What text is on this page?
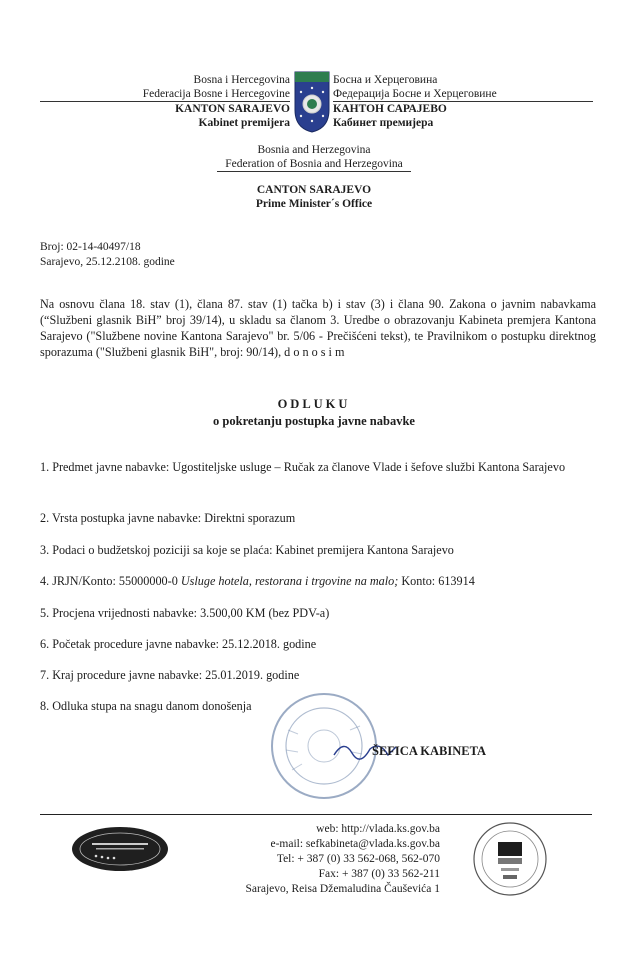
Bosna i Hercegovina
Federacija Bosne i Hercegovine
KANTON SARAJEVO
Kabinet premijera
Босна и Херцеговина
Федерација Босне и Херцеговине
КАНТОН САРАЈЕВО
Кабинет премијера
Bosnia and Herzegovina
Federation of Bosnia and Herzegovina
CANTON SARAJEVO
Prime Minister´s Office
Broj: 02-14-40497/18
Sarajevo, 25.12.2108. godine
Na osnovu člana 18. stav (1), člana 87. stav (1) tačka b) i stav (3) i člana 90. Zakona o javnim nabavkama (“Službeni glasnik BiH” broj 39/14), u skladu sa članom 3. Uredbe o obrazovanju Kabineta premjera Kantona Sarajevo ("Službene novine Kantona Sarajevo" br. 5/06 - Prečišćeni tekst), te Pravilnikom o postupku direktnog sporazuma ("Službeni glasnik BiH", broj: 90/14), d o n o s i m
ODLUKU
o pokretanju postupka javne nabavke
1. Predmet javne nabavke: Ugostiteljske usluge – Ručak za članove Vlade i šefove službi Kantona Sarajevo
2. Vrsta postupka javne nabavke: Direktni sporazum
3. Podaci o budžetskoj poziciji sa koje se plaća: Kabinet premijera Kantona Sarajevo
4. JRJN/Konto: 55000000-0 Usluge hotela, restorana i trgovine na malo; Konto: 613914
5. Procjena vrijednosti nabavke: 3.500,00 KM (bez PDV-a)
6. Početak procedure javne nabavke: 25.12.2018. godine
7. Kraj procedure javne nabavke: 25.01.2019. godine
8. Odluka stupa na snagu danom donošenja
ŠEFICA KABINETA
web: http://vlada.ks.gov.ba
e-mail: sefkabineta@vlada.ks.gov.ba
Tel: + 387 (0) 33 562-068, 562-070
Fax: + 387 (0) 33 562-211
Sarajevo, Reisa Džemaludina Čauševića 1
